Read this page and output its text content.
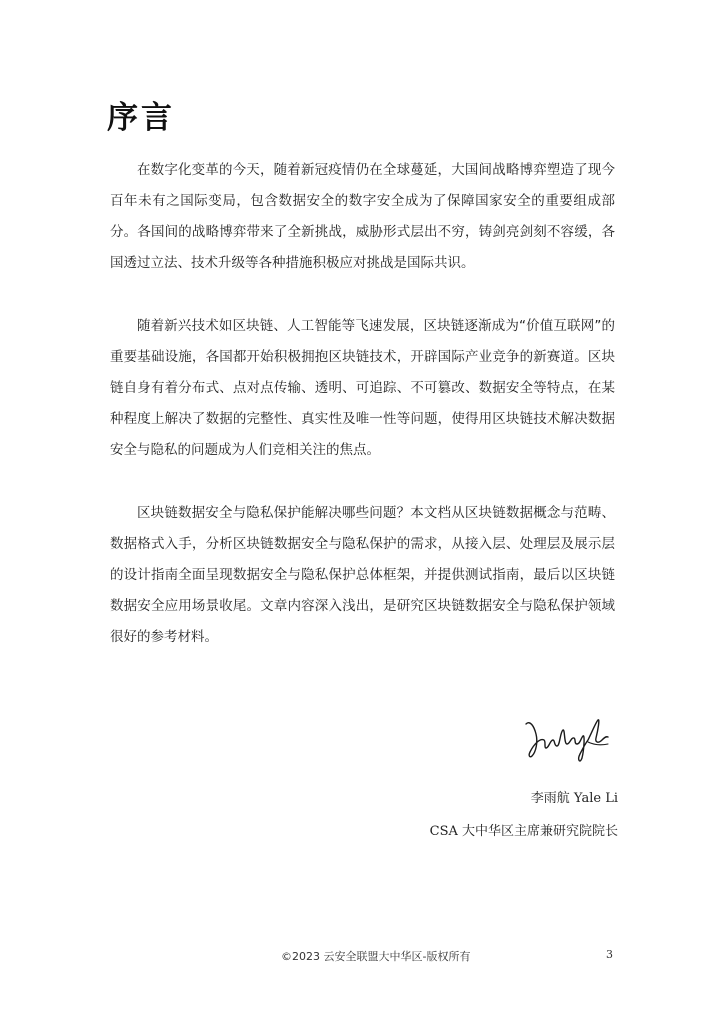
序言

在数字化变革的今天，随着新冠疫情仍在全球蔓延，大国间战略博弈塑造了现今百年未有之国际变局，包含数据安全的数字安全成为了保障国家安全的重要组成部分。各国间的战略博弈带来了全新挑战，威胁形式层出不穷，铸剑亮剑刻不容缓，各国透过立法、技术升级等各种措施积极应对挑战是国际共识。

随着新兴技术如区块链、人工智能等飞速发展，区块链逐渐成为“价值互联网”的重要基础设施，各国都开始积极拥抱区块链技术，开辟国际产业竞争的新赛道。区块链自身有着分布式、点对点传输、透明、可追踪、不可篡改、数据安全等特点，在某种程度上解决了数据的完整性、真实性及唯一性等问题，使得用区块链技术解决数据安全与隐私的问题成为人们竞相关注的焦点。

区块链数据安全与隐私保护能解决哪些问题？本文档从区块链数据概念与范畴、数据格式入手，分析区块链数据安全与隐私保护的需求，从接入层、处理层及展示层的设计指南全面呈现数据安全与隐私保护总体框架，并提供测试指南，最后以区块链数据安全应用场景收尾。文章内容深入浅出，是研究区块链数据安全与隐私保护领域很好的参考材料。

李雨航 Yale Li
CSA 大中华区主席兼研究院院长
©2023 云安全联盟大中华区-版权所有	3
